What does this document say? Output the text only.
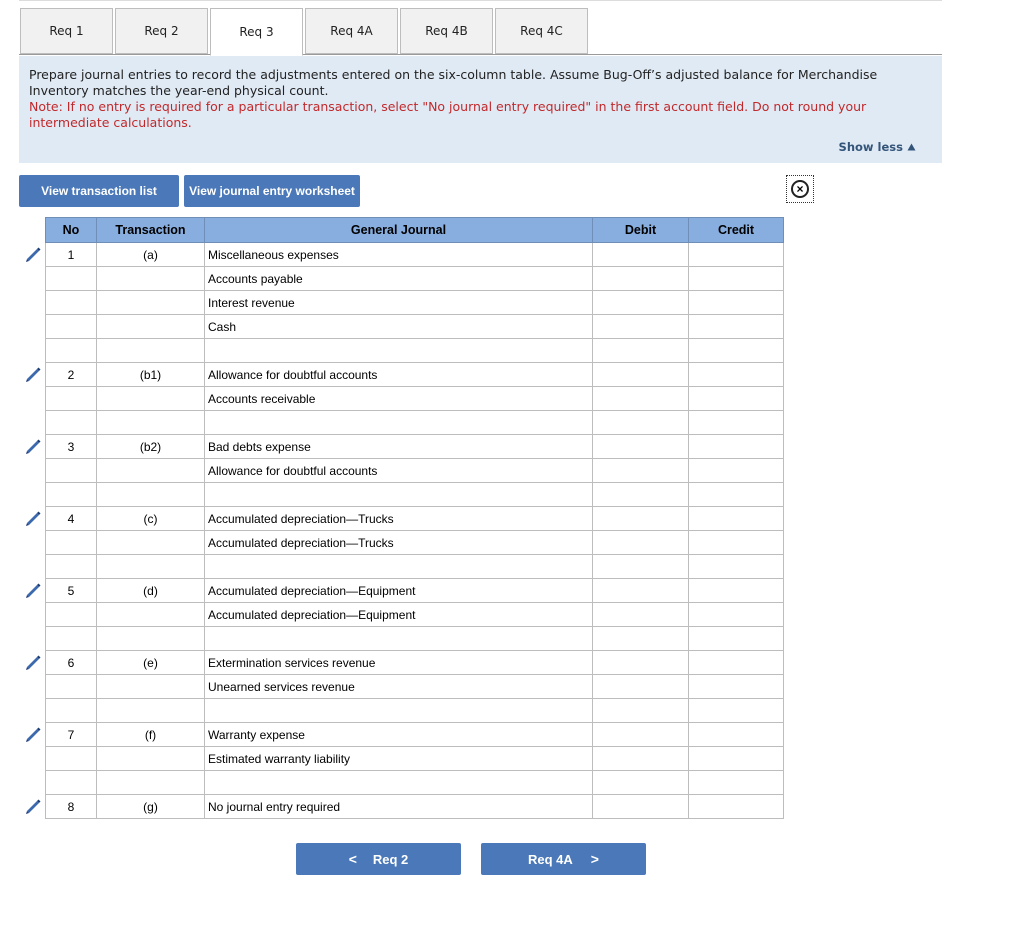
Req 1	Req 2	Req 3	Req 4A	Req 4B	Req 4C
Prepare journal entries to record the adjustments entered on the six-column table. Assume Bug-Off’s adjusted balance for Merchandise Inventory matches the year-end physical count.
Note: If no entry is required for a particular transaction, select "No journal entry required" in the first account field. Do not round your intermediate calculations.
Show less
View transaction list	View journal entry worksheet	×
No	Transaction	General Journal	Debit	Credit
1	(a)	Miscellaneous expenses		
		Accounts payable		
		Interest revenue		
		Cash		

2	(b1)	Allowance for doubtful accounts		
		Accounts receivable		

3	(b2)	Bad debts expense		
		Allowance for doubtful accounts		

4	(c)	Accumulated depreciation—Trucks		
		Accumulated depreciation—Trucks		

5	(d)	Accumulated depreciation—Equipment		
		Accumulated depreciation—Equipment		

6	(e)	Extermination services revenue		
		Unearned services revenue		

7	(f)	Warranty expense		
		Estimated warranty liability		

8	(g)	No journal entry required		
< Req 2	Req 4A >
